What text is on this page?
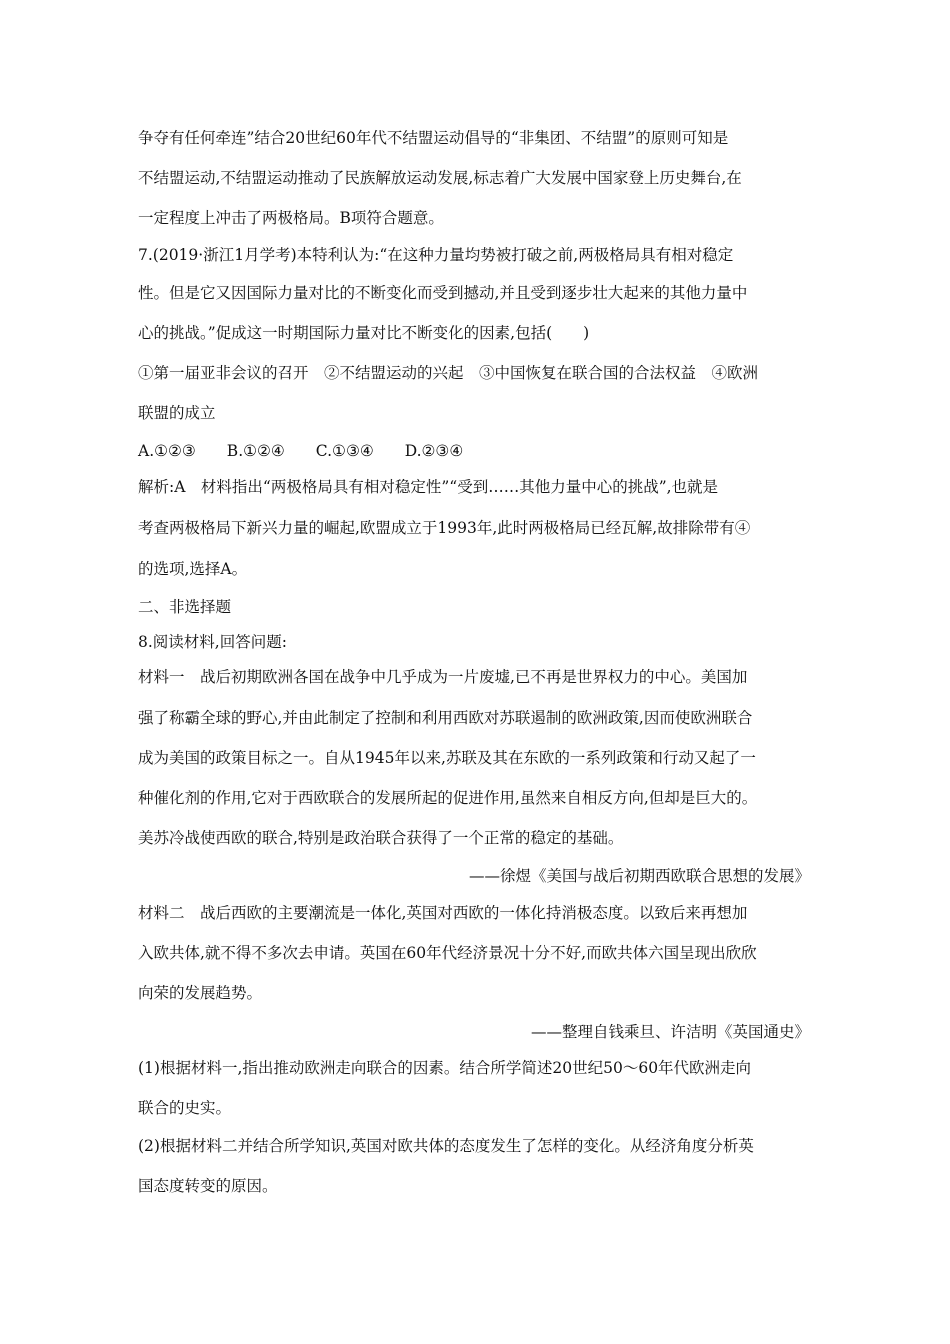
争夺有任何牵连”结合20世纪60年代不结盟运动倡导的“非集团、不结盟”的原则可知是
不结盟运动,不结盟运动推动了民族解放运动发展,标志着广大发展中国家登上历史舞台,在
一定程度上冲击了两极格局。B项符合题意。
7.(2019·浙江1月学考)本特利认为:“在这种力量均势被打破之前,两极格局具有相对稳定
性。但是它又因国际力量对比的不断变化而受到撼动,并且受到逐步壮大起来的其他力量中
心的挑战。”促成这一时期国际力量对比不断变化的因素,包括(　　)
①第一届亚非会议的召开　②不结盟运动的兴起　③中国恢复在联合国的合法权益　④欧洲
联盟的成立
A.①②③　　B.①②④　　C.①③④　　D.②③④
解析:A　材料指出“两极格局具有相对稳定性”“受到……其他力量中心的挑战”,也就是
考查两极格局下新兴力量的崛起,欧盟成立于1993年,此时两极格局已经瓦解,故排除带有④
的选项,选择A。
二、非选择题
8.阅读材料,回答问题:
材料一　战后初期欧洲各国在战争中几乎成为一片废墟,已不再是世界权力的中心。美国加
强了称霸全球的野心,并由此制定了控制和利用西欧对苏联遏制的欧洲政策,因而使欧洲联合
成为美国的政策目标之一。自从1945年以来,苏联及其在东欧的一系列政策和行动又起了一
种催化剂的作用,它对于西欧联合的发展所起的促进作用,虽然来自相反方向,但却是巨大的。
美苏冷战使西欧的联合,特别是政治联合获得了一个正常的稳定的基础。
——徐煜《美国与战后初期西欧联合思想的发展》
材料二　战后西欧的主要潮流是一体化,英国对西欧的一体化持消极态度。以致后来再想加
入欧共体,就不得不多次去申请。英国在60年代经济景况十分不好,而欧共体六国呈现出欣欣
向荣的发展趋势。
——整理自钱乘旦、许洁明《英国通史》
(1)根据材料一,指出推动欧洲走向联合的因素。结合所学简述20世纪50～60年代欧洲走向
联合的史实。
(2)根据材料二并结合所学知识,英国对欧共体的态度发生了怎样的变化。从经济角度分析英
国态度转变的原因。
